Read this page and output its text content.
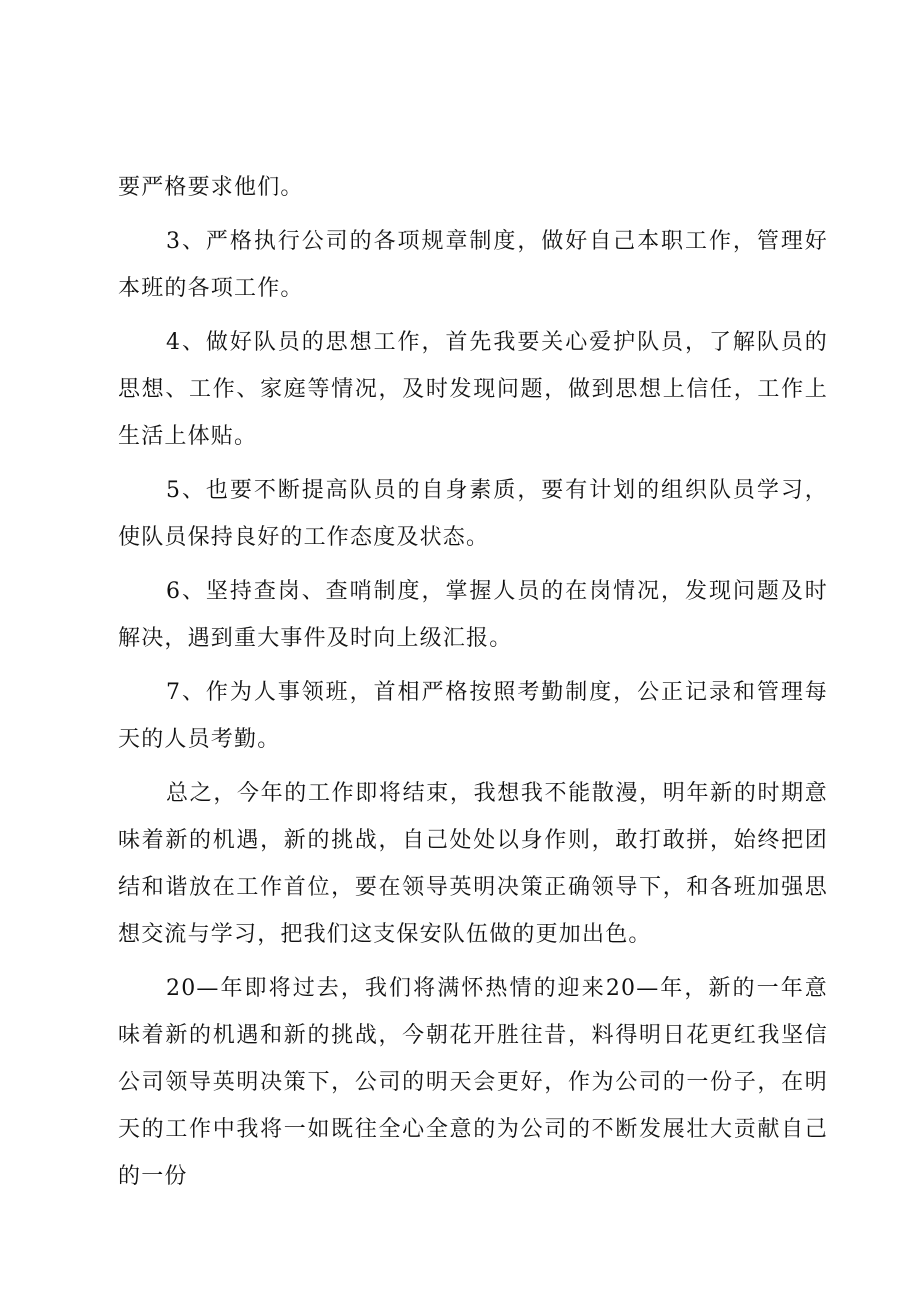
要严格要求他们。

3、严格执行公司的各项规章制度，做好自己本职工作，管理好本班的各项工作。

4、做好队员的思想工作，首先我要关心爱护队员，了解队员的思想、工作、家庭等情况，及时发现问题，做到思想上信任，工作上生活上体贴。

5、也要不断提高队员的自身素质，要有计划的组织队员学习，使队员保持良好的工作态度及状态。

6、坚持查岗、查哨制度，掌握人员的在岗情况，发现问题及时解决，遇到重大事件及时向上级汇报。

7、作为人事领班，首相严格按照考勤制度，公正记录和管理每天的人员考勤。

总之，今年的工作即将结束，我想我不能散漫，明年新的时期意味着新的机遇，新的挑战，自己处处以身作则，敢打敢拼，始终把团结和谐放在工作首位，要在领导英明决策正确领导下，和各班加强思想交流与学习，把我们这支保安队伍做的更加出色。

20—年即将过去，我们将满怀热情的迎来20—年，新的一年意味着新的机遇和新的挑战，今朝花开胜往昔，料得明日花更红我坚信公司领导英明决策下，公司的明天会更好，作为公司的一份子，在明天的工作中我将一如既往全心全意的为公司的不断发展壮大贡献自己的一份
